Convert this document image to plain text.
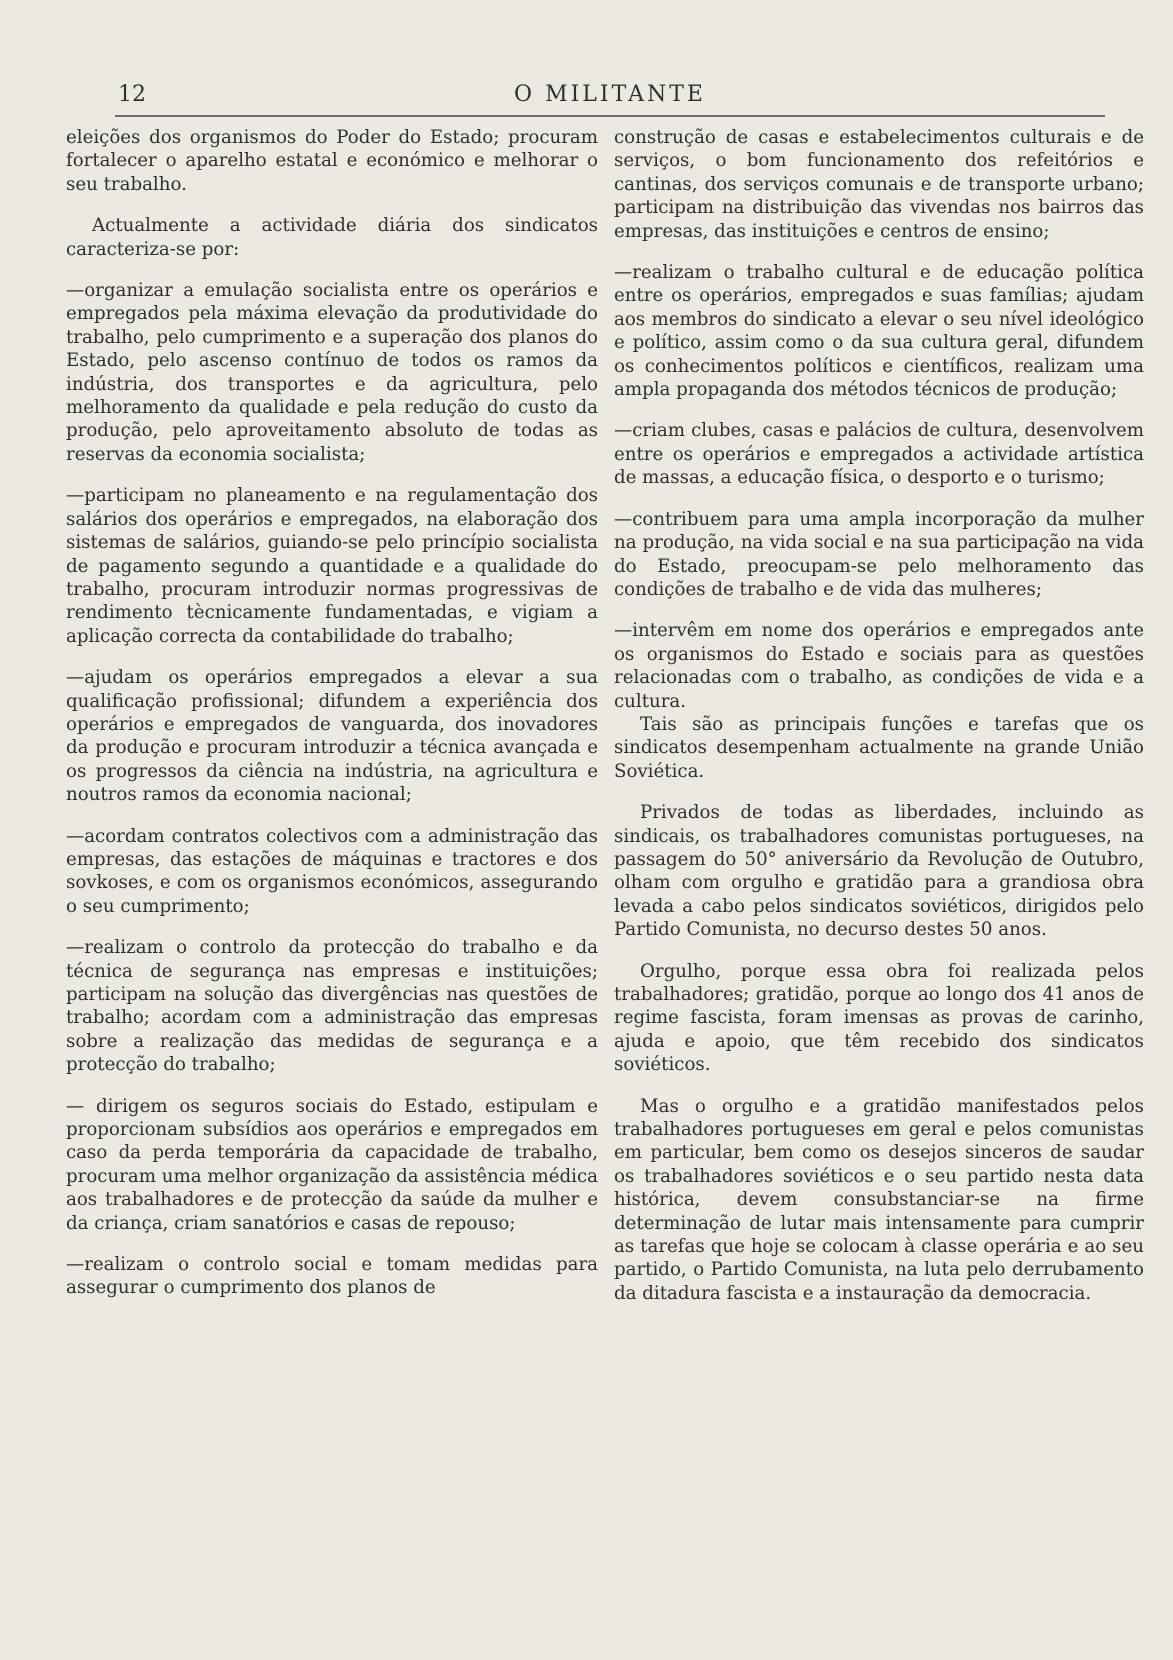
12	O MILITANTE

eleições dos organismos do Poder do Estado; procuram fortalecer o aparelho estatal e económico e melhorar o seu trabalho.

Actualmente a actividade diária dos sindicatos caracteriza-se por:

—organizar a emulação socialista entre os operários e empregados pela máxima elevação da produtividade do trabalho, pelo cumprimento e a superação dos planos do Estado, pelo ascenso contínuo de todos os ramos da indústria, dos transportes e da agricultura, pelo melhoramento da qualidade e pela redução do custo da produção, pelo aproveitamento absoluto de todas as reservas da economia socialista;

—participam no planeamento e na regulamentação dos salários dos operários e empregados, na elaboração dos sistemas de salários, guiando-se pelo princípio socialista de pagamento segundo a quantidade e a qualidade do trabalho, procuram introduzir normas progressivas de rendimento tècnicamente fundamentadas, e vigiam a aplicação correcta da contabilidade do trabalho;

—ajudam os operários empregados a elevar a sua qualificação profissional; difundem a experiência dos operários e empregados de vanguarda, dos inovadores da produção e procuram introduzir a técnica avançada e os progressos da ciência na indústria, na agricultura e noutros ramos da economia nacional;

—acordam contratos colectivos com a administração das empresas, das estações de máquinas e tractores e dos sovkoses, e com os organismos económicos, assegurando o seu cumprimento;

—realizam o controlo da protecção do trabalho e da técnica de segurança nas empresas e instituições; participam na solução das divergências nas questões de trabalho; acordam com a administração das empresas sobre a realização das medidas de segurança e a protecção do trabalho;

— dirigem os seguros sociais do Estado, estipulam e proporcionam subsídios aos operários e empregados em caso da perda temporária da capacidade de trabalho, procuram uma melhor organização da assistência médica aos trabalhadores e de protecção da saúde da mulher e da criança, criam sanatórios e casas de repouso;

—realizam o controlo social e tomam medidas para assegurar o cumprimento dos planos de

construção de casas e estabelecimentos culturais e de serviços, o bom funcionamento dos refeitórios e cantinas, dos serviços comunais e de transporte urbano; participam na distribuição das vivendas nos bairros das empresas, das instituições e centros de ensino;

—realizam o trabalho cultural e de educação política entre os operários, empregados e suas famílias; ajudam aos membros do sindicato a elevar o seu nível ideológico e político, assim como o da sua cultura geral, difundem os conhecimentos políticos e científicos, realizam uma ampla propaganda dos métodos técnicos de produção;

—criam clubes, casas e palácios de cultura, desenvolvem entre os operários e empregados a actividade artística de massas, a educação física, o desporto e o turismo;

—contribuem para uma ampla incorporação da mulher na produção, na vida social e na sua participação na vida do Estado, preocupam-se pelo melhoramento das condições de trabalho e de vida das mulheres;

—intervêm em nome dos operários e empregados ante os organismos do Estado e sociais para as questões relacionadas com o trabalho, as condições de vida e a cultura.

Tais são as principais funções e tarefas que os sindicatos desempenham actualmente na grande União Soviética.

Privados de todas as liberdades, incluindo as sindicais, os trabalhadores comunistas portugueses, na passagem do 50° aniversário da Revolução de Outubro, olham com orgulho e gratidão para a grandiosa obra levada a cabo pelos sindicatos soviéticos, dirigidos pelo Partido Comunista, no decurso destes 50 anos.

Orgulho, porque essa obra foi realizada pelos trabalhadores; gratidão, porque ao longo dos 41 anos de regime fascista, foram imensas as provas de carinho, ajuda e apoio, que têm recebido dos sindicatos soviéticos.

Mas o orgulho e a gratidão manifestados pelos trabalhadores portugueses em geral e pelos comunistas em particular, bem como os desejos sinceros de saudar os trabalhadores soviéticos e o seu partido nesta data histórica, devem consubstanciar-se na firme determinação de lutar mais intensamente para cumprir as tarefas que hoje se colocam à classe operária e ao seu partido, o Partido Comunista, na luta pelo derrubamento da ditadura fascista e a instauração da democracia.
